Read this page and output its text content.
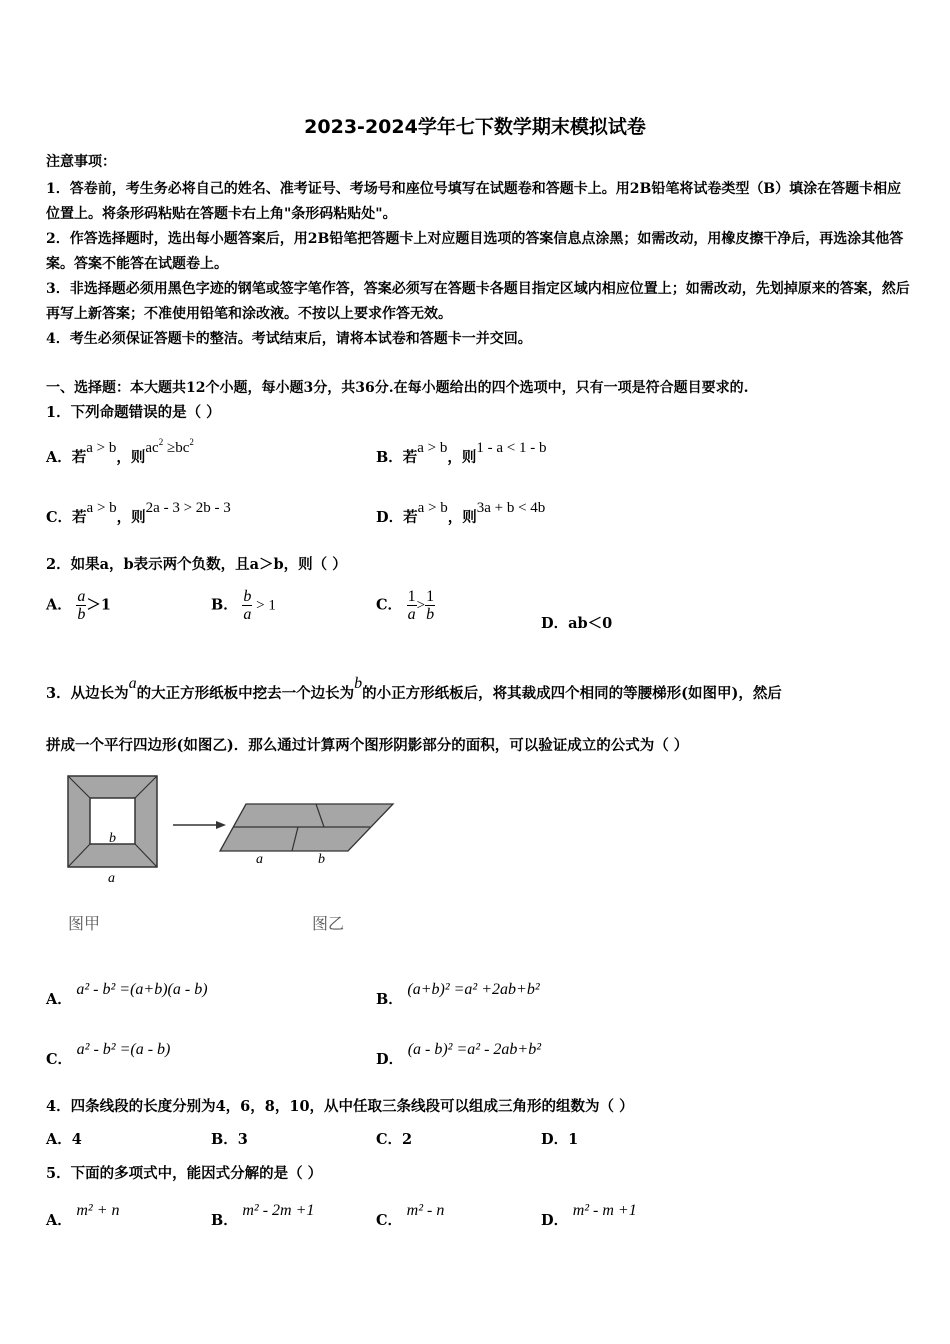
2023-2024学年七下数学期末模拟试卷
注意事项：
1．答卷前，考生务必将自己的姓名、准考证号、考场号和座位号填写在试题卷和答题卡上。用2B铅笔将试卷类型（B）填涂在答题卡相应位置上。将条形码粘贴在答题卡右上角"条形码粘贴处"。
2．作答选择题时，选出每小题答案后，用2B铅笔把答题卡上对应题目选项的答案信息点涂黑；如需改动，用橡皮擦干净后，再选涂其他答案。答案不能答在试题卷上。
3．非选择题必须用黑色字迹的钢笔或签字笔作答，答案必须写在答题卡各题目指定区域内相应位置上；如需改动，先划掉原来的答案，然后再写上新答案；不准使用铅笔和涂改液。不按以上要求作答无效。
4．考生必须保证答题卡的整洁。考试结束后，请将本试卷和答题卡一并交回。
一、选择题：本大题共12个小题，每小题3分，共36分.在每小题给出的四个选项中，只有一项是符合题目要求的.
1．下列命题错误的是（ ）
A．若a > b，则$ac^2 \ge bc^2$
B．若a > b，则1 - a < 1 - b
C．若a > b，则2a - 3 > 2b - 3
D．若a > b，则3a + b < 4b
2．如果a，b表示两个负数，且a＞b，则（ ）
A． $\frac{a}{b} >1$	B． $\frac{b}{a} > 1$	C． $\frac{1}{a} > \frac{1}{b}$
D．ab＜0
3．从边长为a的大正方形纸板中挖去一个边长为b的小正方形纸板后，将其裁成四个相同的等腰梯形(如图甲)，然后
拼成一个平行四边形(如图乙)．那么通过计算两个图形阴影部分的面积，可以验证成立的公式为（ ）
b
a
a	b
图甲	图乙
A． a² - b² =(a+b)(a - b)
B． (a+b)² =a² +2ab+b²
C． a² - b² =(a - b)
D． (a - b)² =a² - 2ab+b²
4．四条线段的长度分别为4，6，8，10，从中任取三条线段可以组成三角形的组数为（ ）
A．4	B．3	C．2	D．1
5．下面的多项式中，能因式分解的是（ ）
A． m² + n
B． m² - 2m +1
C． m² - n
D． m² - m +1
